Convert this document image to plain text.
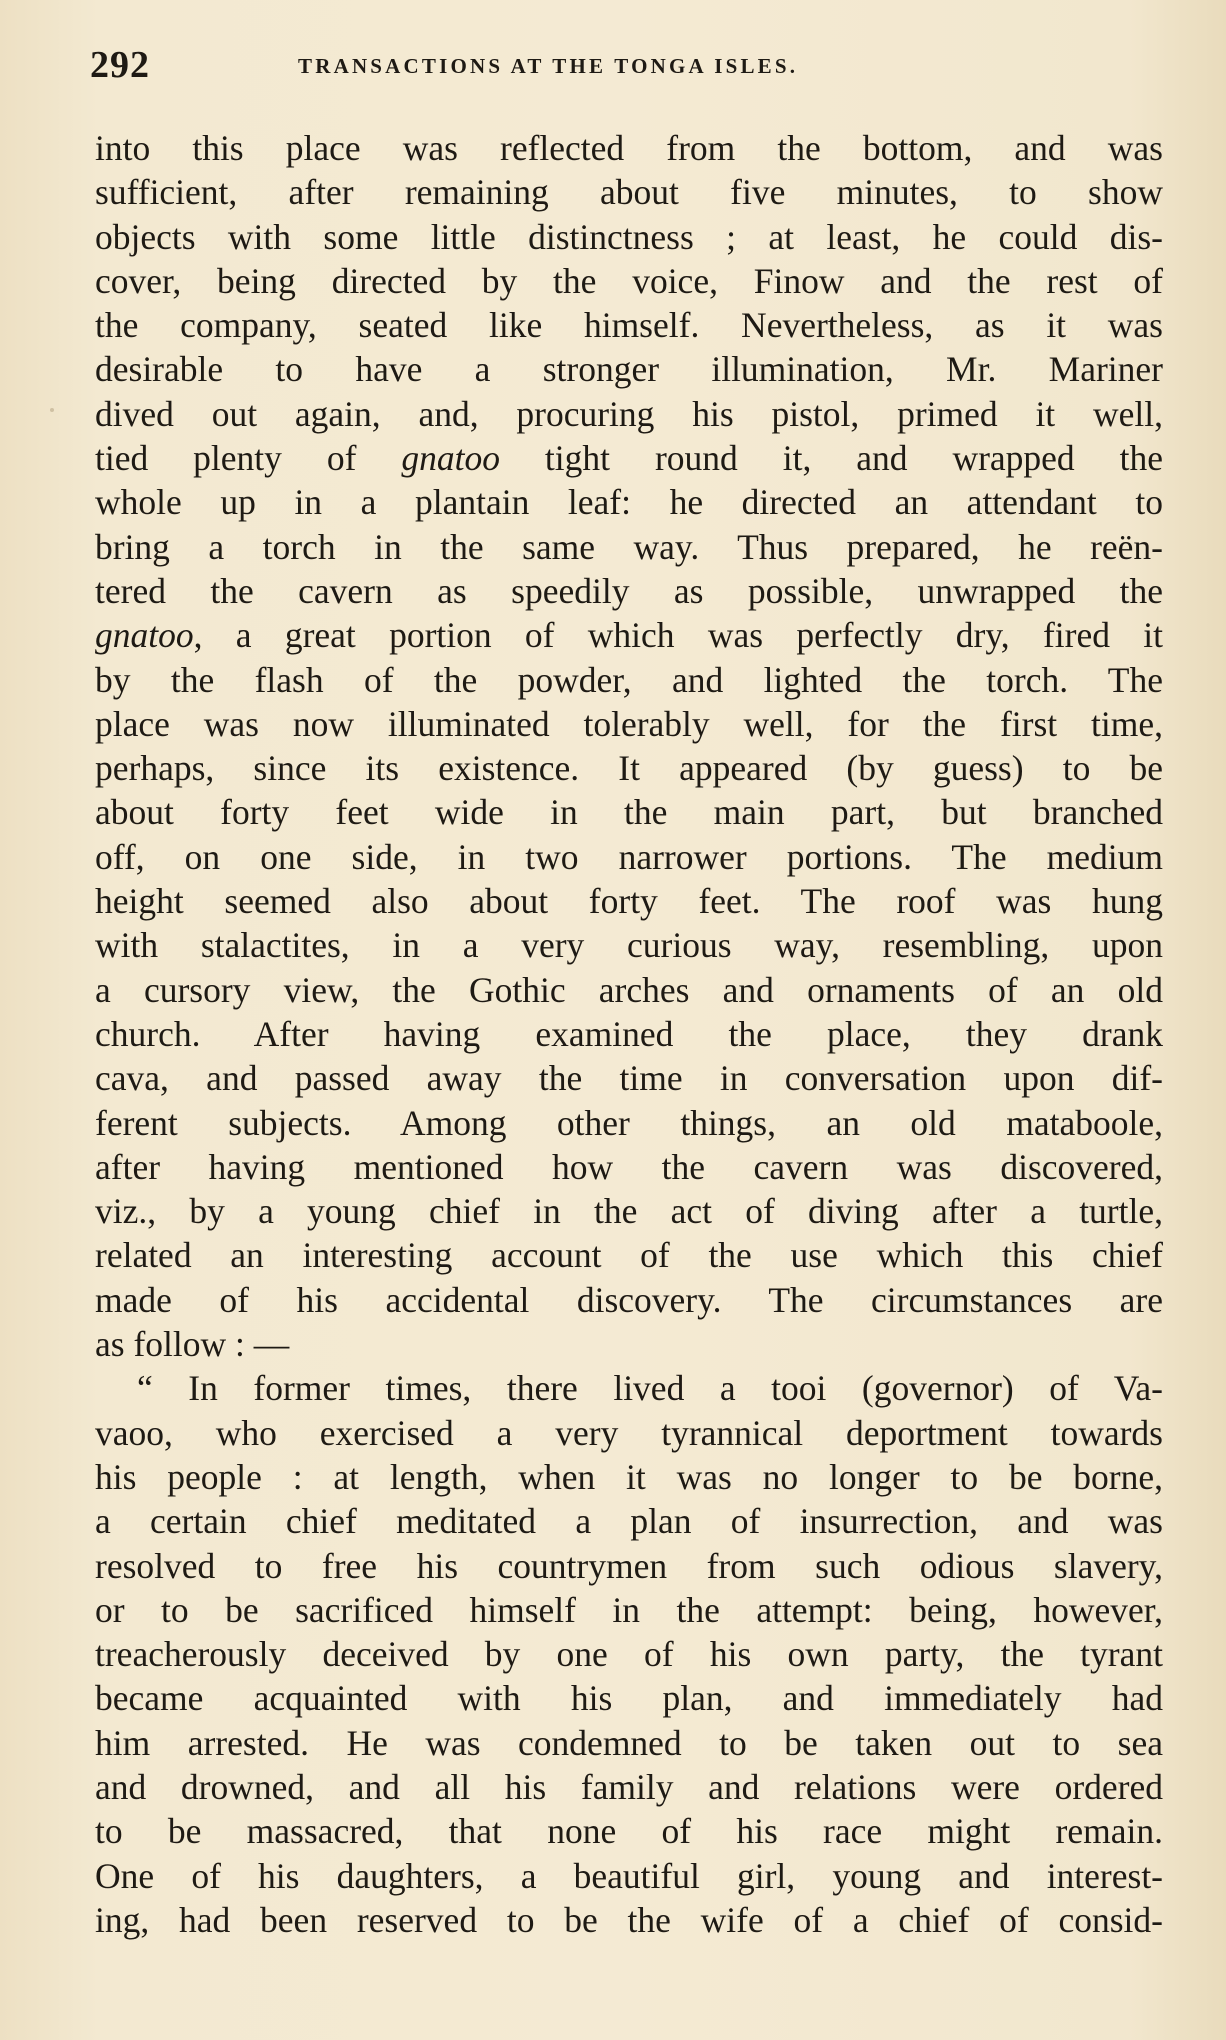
292	TRANSACTIONS AT THE TONGA ISLES.
into this place was reflected from the bottom, and was
sufficient, after remaining about five minutes, to show
objects with some little distinctness ; at least, he could dis-
cover, being directed by the voice, Finow and the rest of
the company, seated like himself. Nevertheless, as it was
desirable to have a stronger illumination, Mr. Mariner
dived out again, and, procuring his pistol, primed it well,
tied plenty of gnatoo tight round it, and wrapped the
whole up in a plantain leaf: he directed an attendant to
bring a torch in the same way. Thus prepared, he reën-
tered the cavern as speedily as possible, unwrapped the
gnatoo, a great portion of which was perfectly dry, fired it
by the flash of the powder, and lighted the torch. The
place was now illuminated tolerably well, for the first time,
perhaps, since its existence. It appeared (by guess) to be
about forty feet wide in the main part, but branched
off, on one side, in two narrower portions. The medium
height seemed also about forty feet. The roof was hung
with stalactites, in a very curious way, resembling, upon
a cursory view, the Gothic arches and ornaments of an old
church. After having examined the place, they drank
cava, and passed away the time in conversation upon dif-
ferent subjects. Among other things, an old mataboole,
after having mentioned how the cavern was discovered,
viz., by a young chief in the act of diving after a turtle,
related an interesting account of the use which this chief
made of his accidental discovery. The circumstances are
as follow : —
“ In former times, there lived a tooi (governor) of Va-
vaoo, who exercised a very tyrannical deportment towards
his people : at length, when it was no longer to be borne,
a certain chief meditated a plan of insurrection, and was
resolved to free his countrymen from such odious slavery,
or to be sacrificed himself in the attempt: being, however,
treacherously deceived by one of his own party, the tyrant
became acquainted with his plan, and immediately had
him arrested. He was condemned to be taken out to sea
and drowned, and all his family and relations were ordered
to be massacred, that none of his race might remain.
One of his daughters, a beautiful girl, young and interest-
ing, had been reserved to be the wife of a chief of consid-
